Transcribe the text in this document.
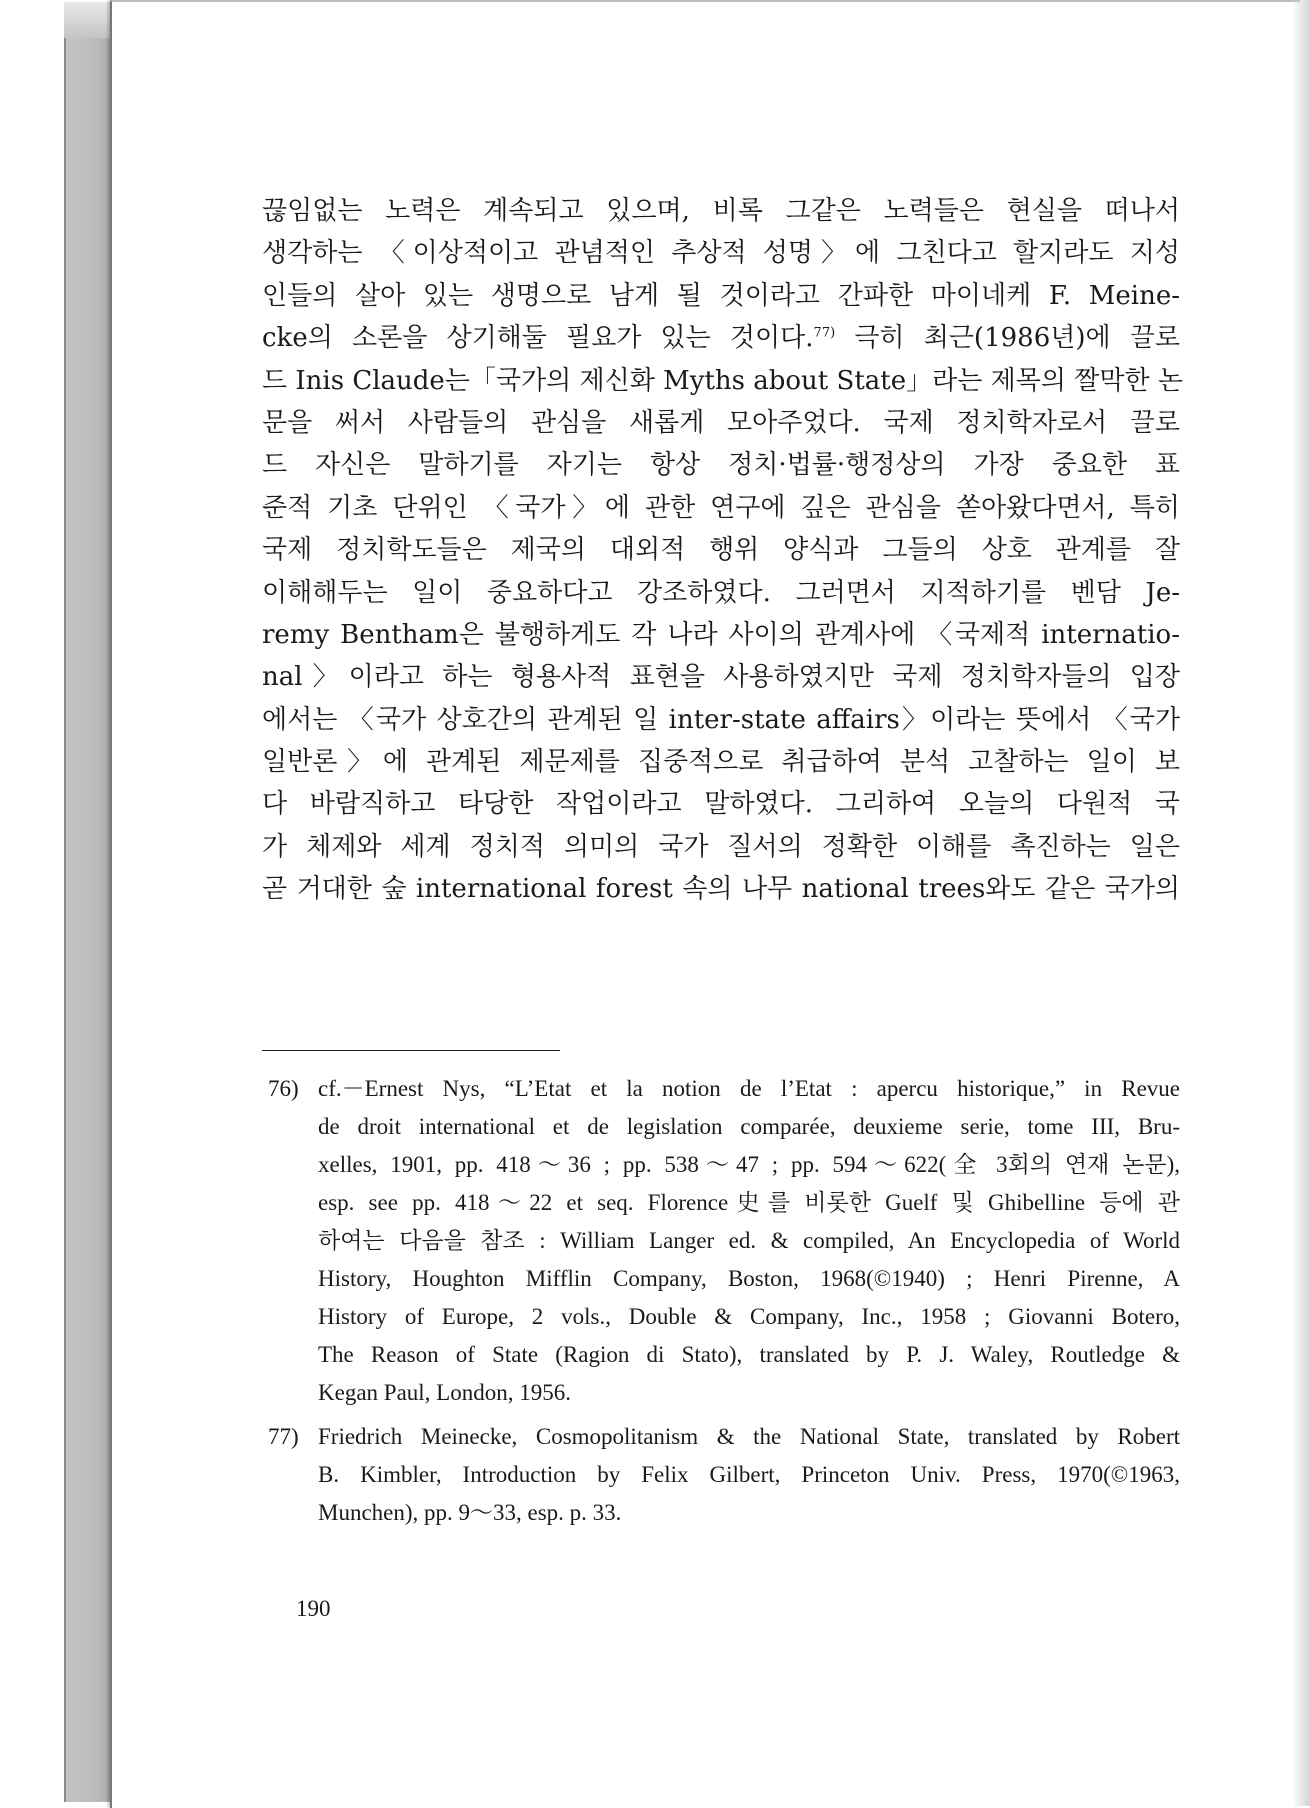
끊임없는 노력은 계속되고 있으며, 비록 그같은 노력들은 현실을 떠나서
생각하는 〈이상적이고 관념적인 추상적 성명〉에 그친다고 할지라도 지성
인들의 살아 있는 생명으로 남게 될 것이라고 간파한 마이네케 F. Meine-
cke의 소론을 상기해둘 필요가 있는 것이다.$^{77)}$ 극히 최근(1986년)에 끌로
드 Inis Claude는「국가의 제신화 Myths about State」라는 제목의 짤막한 논
문을 써서 사람들의 관심을 새롭게 모아주었다. 국제 정치학자로서 끌로
드 자신은 말하기를 자기는 항상 정치·법률·행정상의 가장 중요한 표
준적 기초 단위인 〈국가〉에 관한 연구에 깊은 관심을 쏟아왔다면서, 특히
국제 정치학도들은 제국의 대외적 행위 양식과 그들의 상호 관계를 잘
이해해두는 일이 중요하다고 강조하였다. 그러면서 지적하기를 벤담 Je-
remy Bentham은 불행하게도 각 나라 사이의 관계사에 〈국제적 internatio-
nal〉이라고 하는 형용사적 표현을 사용하였지만 국제 정치학자들의 입장
에서는 〈국가 상호간의 관계된 일 inter-state affairs〉이라는 뜻에서 〈국가
일반론〉에 관계된 제문제를 집중적으로 취급하여 분석 고찰하는 일이 보
다 바람직하고 타당한 작업이라고 말하였다. 그리하여 오늘의 다원적 국
가 체제와 세계 정치적 의미의 국가 질서의 정확한 이해를 촉진하는 일은
곧 거대한 숲 international forest 속의 나무 national trees와도 같은 국가의
76) cf.－Ernest Nys, “L’Etat et la notion de l’Etat : apercu historique,” in Revue
de droit international et de legislation comparée, deuxieme serie, tome III, Bru-
xelles, 1901, pp. 418～36 ; pp. 538～47 ; pp. 594～622(全 3회의 연재 논문),
esp. see pp. 418～22 et seq. Florence史를 비롯한 Guelf 및 Ghibelline 등에 관
하여는 다음을 참조 : William Langer ed. & compiled, An Encyclopedia of World
History, Houghton Mifflin Company, Boston, 1968(©1940) ; Henri Pirenne, A
History of Europe, 2 vols., Double & Company, Inc., 1958 ; Giovanni Botero,
The Reason of State (Ragion di Stato), translated by P. J. Waley, Routledge &
Kegan Paul, London, 1956.
77) Friedrich Meinecke, Cosmopolitanism & the National State, translated by Robert
B. Kimbler, Introduction by Felix Gilbert, Princeton Univ. Press, 1970(©1963,
Munchen), pp. 9～33, esp. p. 33.
190
